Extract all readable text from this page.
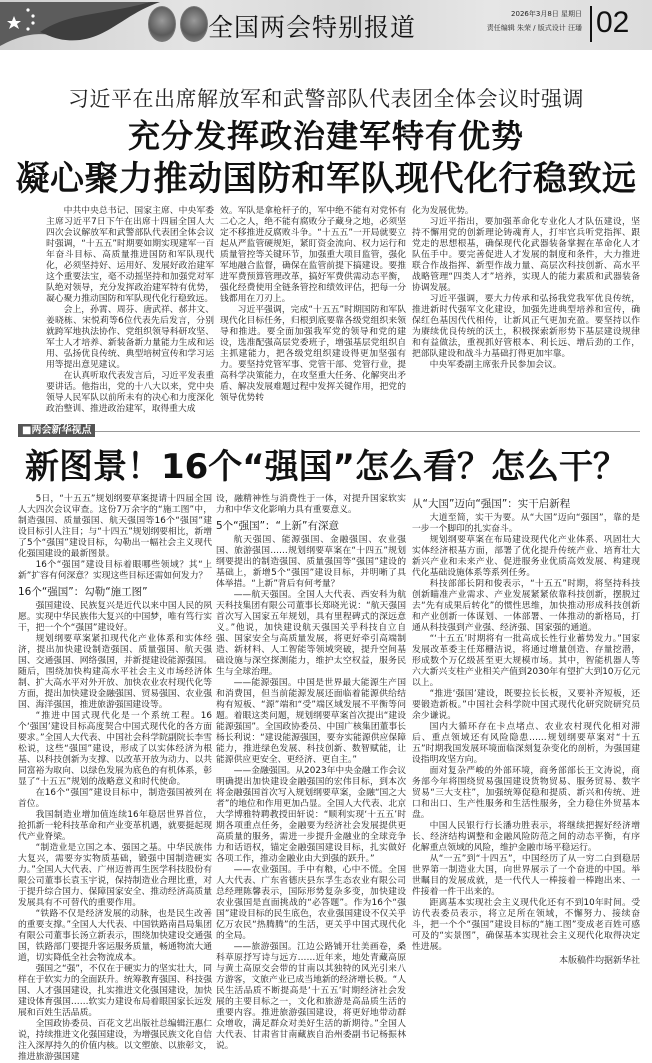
全国两会特别报道	2026年3月8日 星期日
责任编辑 朱荣 / 版式设计 汪璠 02
习近平在出席解放军和武警部队代表团全体会议时强调
充分发挥政治建军特有优势
凝心聚力推动国防和军队现代化行稳致远

中共中央总书记、国家主席、中央军委主席习近平7日下午在出席十四届全国人大四次会议解放军和武警部队代表团全体会议时强调，“十五五”时期要如期实现建军一百年奋斗目标、高质量推进国防和军队现代化，必须坚持好、运用好、发展好政治建军这个重要法宝，毫不动摇坚持和加强党对军队绝对领导，充分发挥政治建军特有优势，凝心聚力推动国防和军队现代化行稳致远。

会上，孙霄、周芬、唐武祥、郝井文、姜晓栋、宋悦莉等6位代表先后发言，分别就跨军地执法协作、党组织领导科研攻坚、军士人才培养、新装备新力量能力生成和运用、弘扬优良传统、典型培树宣传和学习运用等提出意见建议。

在认真听取代表发言后，习近平发表重要讲话。他指出，党的十八大以来，党中央领导人民军队以前所未有的决心和力度深化政治整训、推进政治建军，取得重大成

效。军队是拿枪杆子的，军中绝不能有对党怀有二心之人，绝不能有腐败分子藏身之地，必须坚定不移推进反腐败斗争。“十五五”一开局就要立起从严监管硬规矩，紧盯资金流向、权力运行和质量管控等关键环节，加强重大项目监管，强化军地融合监督，确保在监管前提下搞建设。要推进军费预算管理改革，搞好军费供需动态平衡，强化经费使用全链条管控和绩效评估，把每一分钱都用在刀刃上。

习近平强调，完成“十五五”时期国防和军队现代化目标任务，归根到底要靠各级党组织来领导和推进。要全面加强我军党的领导和党的建设，选准配强高层党委班子，增强基层党组织自主抓建能力，把各级党组织建设得更加坚强有力。要坚持党管军事、党管干部、党管行业，提高科学决策能力，在攻坚重大任务、化解突出矛盾、解决发展难题过程中发挥关键作用，把党的领导优势转

化为发展优势。

习近平指出，要加强革命化专业化人才队伍建设，坚持不懈用党的创新理论铸魂育人，打牢官兵听党指挥、跟党走的思想根基，确保现代化武器装备掌握在革命化人才队伍手中。要完善促进人才发展的制度和条件，大力推进联合作战指挥、新型作战力量、高层次科技创新、高水平战略管理“四类人才”培养，实现人的能力素质和武器装备协调发展。

习近平强调，要大力传承和弘扬我党我军优良传统，推进新时代强军文化建设，加强先进典型培养和宣传，确保红色基因代代相传，让新风正气更加充盈。要坚持以作为赓续优良传统的沃土，积极探索新形势下基层建设规律和有益做法，重视抓好管根本、利长远、增后劲的工作，把部队建设和战斗力基础打得更加牢靠。

中央军委副主席张升民参加会议。

■两会新华视点
新图景！16个“强国”怎么看？怎么干？

5日，“十五五”规划纲要草案提请十四届全国人大四次会议审查。这份7万余字的“施工图”中，制造强国、质量强国、航天强国等16个“强国”建设目标引人注目；与“十四五”规划纲要相比，新增了5个“强国”建设目标，勾勒出一幅社会主义现代化强国建设的最新图景。

16个“强国”建设目标着眼哪些领域？其“上新”扩容有何深意？实现这些目标还需如何发力？

16个“强国”：勾勒“施工图”

强国建设、民族复兴是近代以来中国人民的夙愿。实现中华民族伟大复兴的中国梦，唯有笃行实干，把一个个“强国”建设好。

规划纲要草案紧扣现代化产业体系和实体经济，提出加快建设制造强国、质量强国、航天强国、交通强国、网络强国，并新提建设能源强国。随后，围绕加快构建高水平社会主义市场经济体制、扩大高水平对外开放、加快农业农村现代化等方面，提出加快建设金融强国、贸易强国、农业强国、海洋强国，推进旅游强国建设等。

“推进中国式现代化是一个系统工程。16个‘强国’建设目标高度契合中国式现代化的各方面要求。”全国人大代表、中国社会科学院副院长李雪松说，这些“强国”建设，形成了以实体经济为根基、以科技创新为支撑、以改革开放为动力、以共同富裕为取向、以绿色发展为底色的有机体系，彰显了“十五五”规划的战略意义和时代使命。

在16个“强国”建设目标中，制造强国被列在首位。

我国制造业增加值连续16年稳居世界首位，抢抓新一轮科技革命和产业变革机遇，就要挺起现代产业脊梁。

“制造业是立国之本、强国之基。中华民族伟大复兴，需要夯实物质基础，锻强中国制造硬实力。”全国人大代表、广州迈普再生医学科技股份有限公司董事长袁玉宇说，保持制造业合理比重，对于提升综合国力、保障国家安全、推动经济高质量发展具有不可替代的重要作用。

“铁路不仅是经济发展的动脉，也是民生改善的重要支撑。”全国人大代表、中国铁路南昌局集团有限公司董事长汤立新表示，围绕加快建设交通强国，铁路部门要提升客运服务质量，畅通物流大通道，切实降低全社会物流成本。

强国之“强”，不仅在于硬实力的坚实壮大，同样在于软实力的全面跃升。统筹教育强国、科技强国、人才强国建设，扎实推进文化强国建设，加快建设体育强国……软实力建设布局着眼国家长远发展和百姓生活品质。

全国政协委员、百花文艺出版社总编辑汪惠仁说，持续推进文化强国建设，为增强民族文化自信注入深厚持久的价值内核。以文塑旅、以旅彰文，推进旅游强国建

设，融精神性与消费性于一体，对提升国家软实力和中华文化影响力具有重要意义。

5个“强国”：“上新”有深意

航天强国、能源强国、金融强国、农业强国、旅游强国……规划纲要草案在“十四五”规划纲要提出的制造强国、质量强国等“强国”建设的基础上，新增5个“强国”建设目标，并明晰了具体举措。“上新”背后有何考量？

——航天强国。全国人大代表、西安科为航天科技集团有限公司董事长郑晓光说：“航天强国首次写入国家五年规划，具有里程碑式的深远意义。”他说，加快建设航天强国关乎科技自立自强、国家安全与高质量发展，将更好牵引高端制造、新材料、人工智能等领域突破，提升空间基础设施与深空探测能力，维护太空权益，服务民生与全球治理。

——能源强国。中国是世界最大能源生产国和消费国，但当前能源发展还面临着能源供给结构有短板、“源”端和“受”端区域发展不平衡等问题。着眼这类问题，规划纲要草案首次提出“建设能源强国”。全国政协委员、中国广核集团董事长杨长利说：“建设能源强国，要夯实能源供应保障能力，推进绿色发展、科技创新、数智赋能，让能源供应更安全、更经济、更自主。”

——金融强国。从2023年中央金融工作会议明确提出加快建设金融强国的宏伟目标，到本次将金融强国首次写入规划纲要草案，金融“国之大者”的地位和作用更加凸显。全国人大代表、北京大学博雅特聘教授田轩说：“顺利实现‘十五五’时期各项重点任务，金融要为经济社会发展提供更高质量的服务，需进一步提升金融业的全球竞争力和话语权，锚定金融强国建设目标，扎实做好各项工作，推动金融业由大到强的跃升。”

——农业强国。手中有粮，心中不慌。全国人大代表、广东省德庆县东孚生态农业有限公司总经理陈馨表示，国际形势复杂多变，加快建设农业强国是直面挑战的“必答题”。作为16个“强国”建设目标的民生底色，农业强国建设不仅关乎亿万农民“热腾腾”的生活，更关乎中国式现代化的全局。

——旅游强国。江边公路铺开壮美画卷，桑科草原抒写诗与远方……近年来，地处青藏高原与黄土高原交会带的甘南以其独特的风光引来八方游客，文旅产业已成当地新的经济增长极。“人民生活品质不断提高是‘十五五’时期经济社会发展的主要目标之一，文化和旅游是高品质生活的重要内容。推进旅游强国建设，将更好地带动群众增收，满足群众对美好生活的新期待。”全国人大代表、甘肃省甘南藏族自治州委副书记杨振林说。

从“大国”迈向“强国”：实干启新程

大道至简，实干为要。从“大国”迈向“强国”，靠的是一步一个脚印的扎实奋斗。

规划纲要草案在布局建设现代化产业体系、巩固壮大实体经济根基方面，部署了优化提升传统产业、培育壮大新兴产业和未来产业、促进服务业优质高效发展、构建现代化基础设施体系等系列任务。

科技部部长阴和俊表示，“十五五”时期，将坚持科技创新瞄准产业需求、产业发展紧紧依靠科技创新，摆脱过去“先有成果后转化”的惯性思维，加快推动形成科技创新和产业创新一体谋划、一体部署、一体推动的新格局，打通从科技强到产业强、经济强、国家强的通道。

“‘十五五’时期将有一批高成长性行业蓄势发力。”国家发展改革委主任郑栅洁说，将通过增量创造、存量挖潜，形成数个万亿级甚至更大规模市场。其中，智能机器人等六大新兴支柱产业相关产值到2030年有望扩大到10万亿元以上。

“推进‘强国’建设，既要拉长长板，又要补齐短板，还要锻造新板。”中国社会科学院中国式现代化研究院研究员余少谦说。

国内大循环存在卡点堵点、农业农村现代化相对滞后、重点领域还有风险隐患……规划纲要草案对“十五五”时期我国发展环境面临深刻复杂变化的剖析，为强国建设指明攻坚方向。

面对复杂严峻的外部环境，商务部部长王文涛说，商务部今年将围绕贸易强国建设货物贸易、服务贸易、数字贸易“三大支柱”，加强统筹促稳和提质、新兴和传统、进口和出口、生产性服务和生活性服务，全力稳住外贸基本盘。

中国人民银行行长潘功胜表示，将继续把握好经济增长、经济结构调整和金融风险防范之间的动态平衡，有序化解重点领域的风险，维护金融市场平稳运行。

从“一五”到“十四五”，中国经历了从一穷二白到稳居世界第一制造业大国，向世界展示了一个奋进的中国。举世瞩目的发展成就，是一代代人一棒接着一棒跑出来、一件接着一件干出来的。

距离基本实现社会主义现代化还有不到10年时间。受访代表委员表示，将立足所在领域，不懈努力、接续奋斗，把一个个“强国”建设目标的“施工图”变成老百姓可感可及的“实景图”，确保基本实现社会主义现代化取得决定性进展。

本版稿件均据新华社
